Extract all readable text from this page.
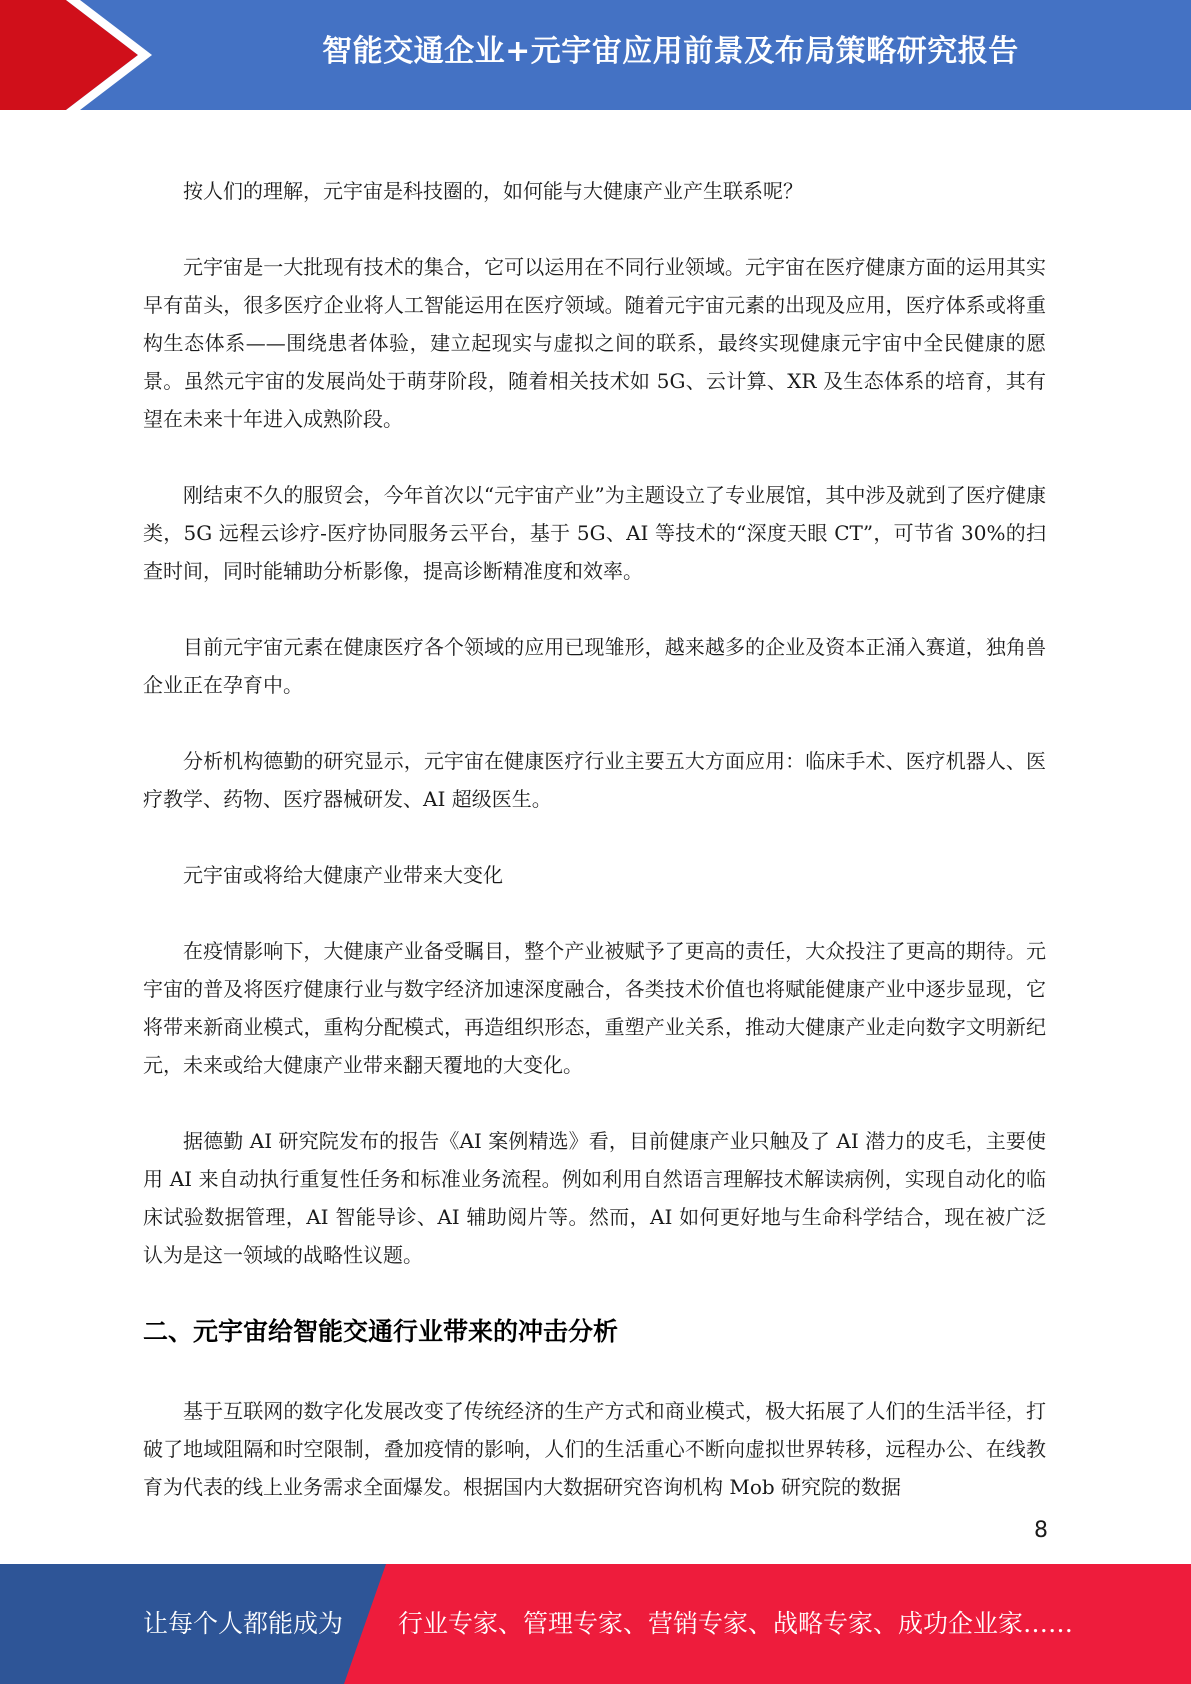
智能交通企业+元宇宙应用前景及布局策略研究报告

按人们的理解，元宇宙是科技圈的，如何能与大健康产业产生联系呢？

元宇宙是一大批现有技术的集合，它可以运用在不同行业领域。元宇宙在医疗健康方面的运用其实早有苗头，很多医疗企业将人工智能运用在医疗领域。随着元宇宙元素的出现及应用，医疗体系或将重构生态体系——围绕患者体验，建立起现实与虚拟之间的联系，最终实现健康元宇宙中全民健康的愿景。虽然元宇宙的发展尚处于萌芽阶段，随着相关技术如 5G、云计算、XR 及生态体系的培育，其有望在未来十年进入成熟阶段。

刚结束不久的服贸会，今年首次以“元宇宙产业”为主题设立了专业展馆，其中涉及就到了医疗健康类，5G 远程云诊疗-医疗协同服务云平台，基于 5G、AI 等技术的“深度天眼 CT”，可节省 30%的扫查时间，同时能辅助分析影像，提高诊断精准度和效率。

目前元宇宙元素在健康医疗各个领域的应用已现雏形，越来越多的企业及资本正涌入赛道，独角兽企业正在孕育中。

分析机构德勤的研究显示，元宇宙在健康医疗行业主要五大方面应用：临床手术、医疗机器人、医疗教学、药物、医疗器械研发、AI 超级医生。

元宇宙或将给大健康产业带来大变化

在疫情影响下，大健康产业备受瞩目，整个产业被赋予了更高的责任，大众投注了更高的期待。元宇宙的普及将医疗健康行业与数字经济加速深度融合，各类技术价值也将赋能健康产业中逐步显现，它将带来新商业模式，重构分配模式，再造组织形态，重塑产业关系，推动大健康产业走向数字文明新纪元，未来或给大健康产业带来翻天覆地的大变化。

据德勤 AI 研究院发布的报告《AI 案例精选》看，目前健康产业只触及了 AI 潜力的皮毛，主要使用 AI 来自动执行重复性任务和标准业务流程。例如利用自然语言理解技术解读病例，实现自动化的临床试验数据管理，AI 智能导诊、AI 辅助阅片等。然而，AI 如何更好地与生命科学结合，现在被广泛认为是这一领域的战略性议题。

二、元宇宙给智能交通行业带来的冲击分析

基于互联网的数字化发展改变了传统经济的生产方式和商业模式，极大拓展了人们的生活半径，打破了地域阻隔和时空限制，叠加疫情的影响，人们的生活重心不断向虚拟世界转移，远程办公、在线教育为代表的线上业务需求全面爆发。根据国内大数据研究咨询机构 Mob 研究院的数据

8
让每个人都能成为 行业专家、管理专家、营销专家、战略专家、成功企业家……
